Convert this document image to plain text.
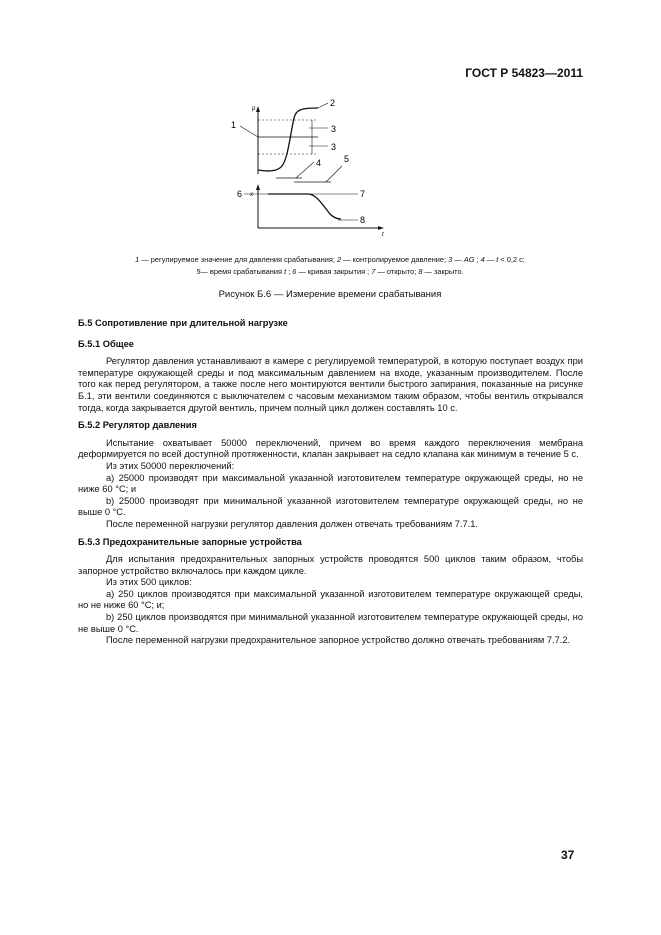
ГОСТ Р 54823—2011
p
2
1	3
3
4	5
x
t
7
8
6
1 — регулируемое значение для давления срабатывания; 2 — контролируемое давление; 3 — AG ; 4 — t < 0,2 с;
5— время срабатывания t ; 6 — кривая закрытия ; 7 — открыто; 8 — закрыто.
Рисунок Б.6 — Измерение времени срабатывания
Б.5 Сопротивление при длительной нагрузке
Б.5.1 Общее

Регулятор давления устанавливают в камере с регулируемой температурой, в которую поступает воздух при температуре окружающей среды и под максимальным давлением на входе, указанным производителем. После того как перед регулятором, а также после него монтируются вентили быстрого запирания, показанные на рисунке Б.1, эти вентили соединяются с выключателем с часовым механизмом таким образом, чтобы вентиль открывался тогда, когда закрывается другой вентиль, причем полный цикл должен составлять 10 с.

Б.5.2 Регулятор давления

Испытание охватывает 50000 переключений, причем во время каждого переключения мембрана деформируется по всей доступной протяженности, клапан закрывает на седло клапана как минимум в течение 5 с.

Из этих 50000 переключений:

a) 25000 производят при максимальной указанной изготовителем температуре окружающей среды, но не ниже 60 °C; и

b) 25000 производят при минимальной указанной изготовителем температуре окружающей среды, но не выше 0 °C.

После переменной нагрузки регулятор давления должен отвечать требованиям 7.7.1.

Б.5.3 Предохранительные запорные устройства

Для испытания предохранительных запорных устройств проводятся 500 циклов таким образом, чтобы запорное устройство включалось при каждом цикле.

Из этих 500 циклов:

a) 250 циклов производятся при максимальной указанной изготовителем температуре окружающей среды, но не ниже 60 °C; и;

b) 250 циклов производятся при минимальной указанной изготовителем температуре окружающей среды, но не выше 0 °C.

После переменной нагрузки предохранительное запорное устройство должно отвечать требованиям 7.7.2.

37
